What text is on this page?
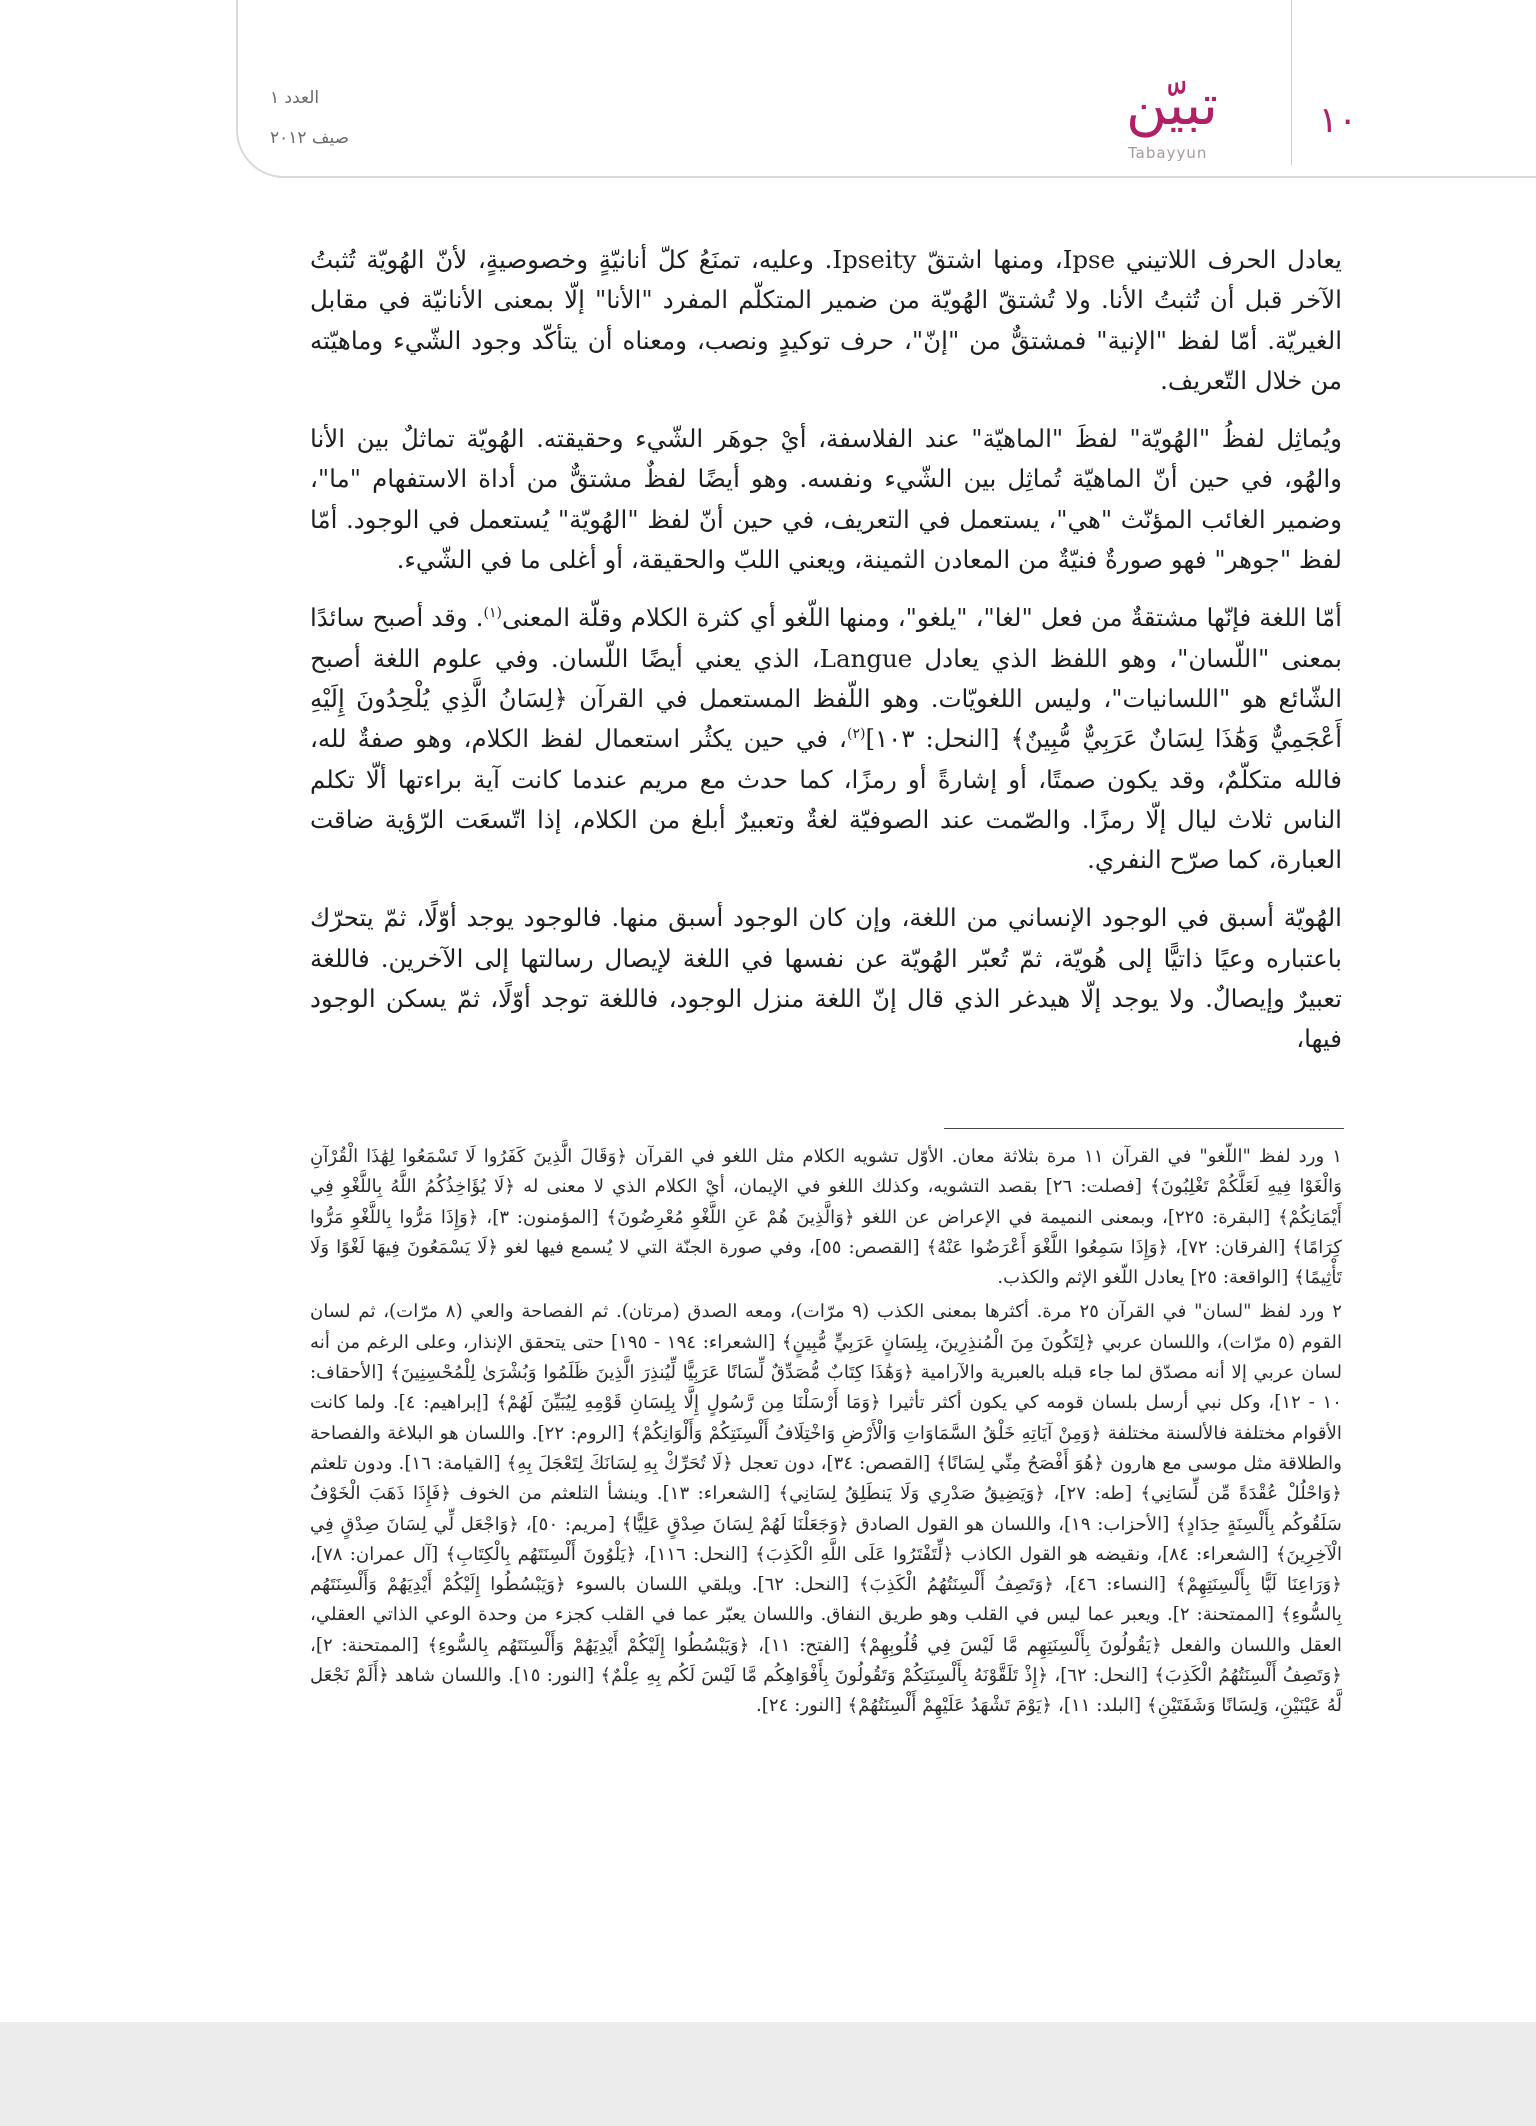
العدد ١
صيف ٢٠١٢	تبيّن
Tabayyun
١٠

يعادل الحرف اللاتيني Ipse، ومنها اشتقّ Ipseity. وعليه، تمنَعُ كلّ أنانيّةٍ وخصوصيةٍ، لأنّ الهُويّة تُثبتُ الآخر قبل أن تُثبتُ الأنا. ولا تُشتقّ الهُويّة من ضمير المتكلّم المفرد "الأنا" إلّا بمعنى الأنانيّة في مقابل الغيريّة. أمّا لفظ "الإنية" فمشتقٌّ من "إنّ"، حرف توكيدٍ ونصب، ومعناه أن يتأكّد وجود الشّيء وماهيّته من خلال التّعريف.

ويُماثِل لفظُ "الهُويّة" لفظَ "الماهيّة" عند الفلاسفة، أيْ جوهَر الشّيء وحقيقته. الهُويّة تماثلٌ بين الأنا والهُو، في حين أنّ الماهيّة تُماثِل بين الشّيء ونفسه. وهو أيضًا لفظٌ مشتقٌّ من أداة الاستفهام "ما"، وضمير الغائب المؤنّث "هي"، يستعمل في التعريف، في حين أنّ لفظ "الهُويّة" يُستعمل في الوجود. أمّا لفظ "جوهر" فهو صورةٌ فنيّةٌ من المعادن الثمينة، ويعني اللبّ والحقيقة، أو أغلى ما في الشّيء.

أمّا اللغة فإنّها مشتقةٌ من فعل "لغا"، "يلغو"، ومنها اللّغو أي كثرة الكلام وقلّة المعنى$^{(١)}$. وقد أصبح سائدًا بمعنى "اللّسان"، وهو اللفظ الذي يعادل Langue، الذي يعني أيضًا اللّسان. وفي علوم اللغة أصبح الشّائع هو "اللسانيات"، وليس اللغويّات. وهو اللّفظ المستعمل في القرآن ﴿لِسَانُ الَّذِي يُلْحِدُونَ إِلَيْهِ أَعْجَمِيٌّ وَهَٰذَا لِسَانٌ عَرَبِيٌّ مُّبِينٌ﴾ [النحل: ١٠٣]$^{(٢)}$، في حين يكثُر استعمال لفظ الكلام، وهو صفةٌ لله، فالله متكلّمٌ، وقد يكون صمتًا، أو إشارةً أو رمزًا، كما حدث مع مريم عندما كانت آية براءتها ألّا تكلم الناس ثلاث ليال إلّا رمزًا. والصّمت عند الصوفيّة لغةٌ وتعبيرٌ أبلغ من الكلام، إذا اتّسعَت الرّؤية ضاقت العبارة، كما صرّح النفري.

الهُويّة أسبق في الوجود الإنساني من اللغة، وإن كان الوجود أسبق منها. فالوجود يوجد أوّلًا، ثمّ يتحرّك باعتباره وعيًا ذاتيًّا إلى هُويّة، ثمّ تُعبّر الهُويّة عن نفسها في اللغة لإيصال رسالتها إلى الآخرين. فاللغة تعبيرٌ وإيصالٌ. ولا يوجد إلّا هيدغر الذي قال إنّ اللغة منزل الوجود، فاللغة توجد أوّلًا، ثمّ يسكن الوجود فيها،

١ ورد لفظ "اللّغو" في القرآن ١١ مرة بثلاثة معان. الأوّل تشويه الكلام مثل اللغو في القرآن ﴿وَقَالَ الَّذِينَ كَفَرُوا لَا تَسْمَعُوا لِهَٰذَا الْقُرْآنِ وَالْغَوْا فِيهِ لَعَلَّكُمْ تَغْلِبُونَ﴾ [فصلت: ٢٦] بقصد التشويه، وكذلك اللغو في الإيمان، أيْ الكلام الذي لا معنى له ﴿لَا يُؤَاخِذُكُمُ اللَّهُ بِاللَّغْوِ فِي أَيْمَانِكُمْ﴾ [البقرة: ٢٢٥]، وبمعنى النميمة في الإعراض عن اللغو ﴿وَالَّذِينَ هُمْ عَنِ اللَّغْوِ مُعْرِضُونَ﴾ [المؤمنون: ٣]، ﴿وَإِذَا مَرُّوا بِاللَّغْوِ مَرُّوا كِرَامًا﴾ [الفرقان: ٧٢]، ﴿وَإِذَا سَمِعُوا اللَّغْوَ أَعْرَضُوا عَنْهُ﴾ [القصص: ٥٥]، وفي صورة الجنّة التي لا يُسمع فيها لغو ﴿لَا يَسْمَعُونَ فِيهَا لَغْوًا وَلَا تَأْثِيمًا﴾ [الواقعة: ٢٥] يعادل اللّغو الإثم والكذب.

٢ ورد لفظ "لسان" في القرآن ٢٥ مرة. أكثرها بمعنى الكذب (٩ مرّات)، ومعه الصدق (مرتان). ثم الفصاحة والعي (٨ مرّات)، ثم لسان القوم (٥ مرّات)، واللسان عربي ﴿لِتَكُونَ مِنَ الْمُنذِرِينَ، بِلِسَانٍ عَرَبِيٍّ مُّبِينٍ﴾ [الشعراء: ١٩٤ - ١٩٥] حتى يتحقق الإنذار، وعلى الرغم من أنه لسان عربي إلا أنه مصدّق لما جاء قبله بالعبرية والآرامية ﴿وَهَٰذَا كِتَابٌ مُّصَدِّقٌ لِّسَانًا عَرَبِيًّا لِّيُنذِرَ الَّذِينَ ظَلَمُوا وَبُشْرَىٰ لِلْمُحْسِنِينَ﴾ [الأحقاف: ١٠ - ١٢]، وكل نبي أرسل بلسان قومه كي يكون أكثر تأثيرا ﴿وَمَا أَرْسَلْنَا مِن رَّسُولٍ إِلَّا بِلِسَانِ قَوْمِهِ لِيُبَيِّنَ لَهُمْ﴾ [إبراهيم: ٤]. ولما كانت الأقوام مختلفة فالألسنة مختلفة ﴿وَمِنْ آيَاتِهِ خَلْقُ السَّمَاوَاتِ وَالْأَرْضِ وَاخْتِلَافُ أَلْسِنَتِكُمْ وَأَلْوَانِكُمْ﴾ [الروم: ٢٢]. واللسان هو البلاغة والفصاحة والطلاقة مثل موسى مع هارون ﴿هُوَ أَفْصَحُ مِنِّي لِسَانًا﴾ [القصص: ٣٤]، دون تعجل ﴿لَا تُحَرِّكْ بِهِ لِسَانَكَ لِتَعْجَلَ بِهِ﴾ [القيامة: ١٦]. ودون تلعثم ﴿وَاحْلُلْ عُقْدَةً مِّن لِّسَانِي﴾ [طه: ٢٧]، ﴿وَيَضِيقُ صَدْرِي وَلَا يَنطَلِقُ لِسَانِي﴾ [الشعراء: ١٣]. وينشأ التلعثم من الخوف ﴿فَإِذَا ذَهَبَ الْخَوْفُ سَلَقُوكُم بِأَلْسِنَةٍ حِدَادٍ﴾ [الأحزاب: ١٩]، واللسان هو القول الصادق ﴿وَجَعَلْنَا لَهُمْ لِسَانَ صِدْقٍ عَلِيًّا﴾ [مريم: ٥٠]، ﴿وَاجْعَل لِّي لِسَانَ صِدْقٍ فِي الْآخِرِينَ﴾ [الشعراء: ٨٤]، ونقيضه هو القول الكاذب ﴿لِّتَفْتَرُوا عَلَى اللَّهِ الْكَذِبَ﴾ [النحل: ١١٦]، ﴿يَلْوُونَ أَلْسِنَتَهُم بِالْكِتَابِ﴾ [آل عمران: ٧٨]، ﴿وَرَاعِنَا لَيًّا بِأَلْسِنَتِهِمْ﴾ [النساء: ٤٦]، ﴿وَتَصِفُ أَلْسِنَتُهُمُ الْكَذِبَ﴾ [النحل: ٦٢]. ويلقي اللسان بالسوء ﴿وَيَبْسُطُوا إِلَيْكُمْ أَيْدِيَهُمْ وَأَلْسِنَتَهُم بِالسُّوءِ﴾ [الممتحنة: ٢]. ويعبر عما ليس في القلب وهو طريق النفاق. واللسان يعبّر عما في القلب كجزء من وحدة الوعي الذاتي العقلي، العقل واللسان والفعل ﴿يَقُولُونَ بِأَلْسِنَتِهِم مَّا لَيْسَ فِي قُلُوبِهِمْ﴾ [الفتح: ١١]، ﴿وَيَبْسُطُوا إِلَيْكُمْ أَيْدِيَهُمْ وَأَلْسِنَتَهُم بِالسُّوءِ﴾ [الممتحنة: ٢]، ﴿وَتَصِفُ أَلْسِنَتُهُمُ الْكَذِبَ﴾ [النحل: ٦٢]، ﴿إِذْ تَلَقَّوْنَهُ بِأَلْسِنَتِكُمْ وَتَقُولُونَ بِأَفْوَاهِكُم مَّا لَيْسَ لَكُم بِهِ عِلْمٌ﴾ [النور: ١٥]. واللسان شاهد ﴿أَلَمْ نَجْعَل لَّهُ عَيْنَيْنِ، وَلِسَانًا وَشَفَتَيْنِ﴾ [البلد: ١١]، ﴿يَوْمَ تَشْهَدُ عَلَيْهِمْ أَلْسِنَتُهُمْ﴾ [النور: ٢٤].
